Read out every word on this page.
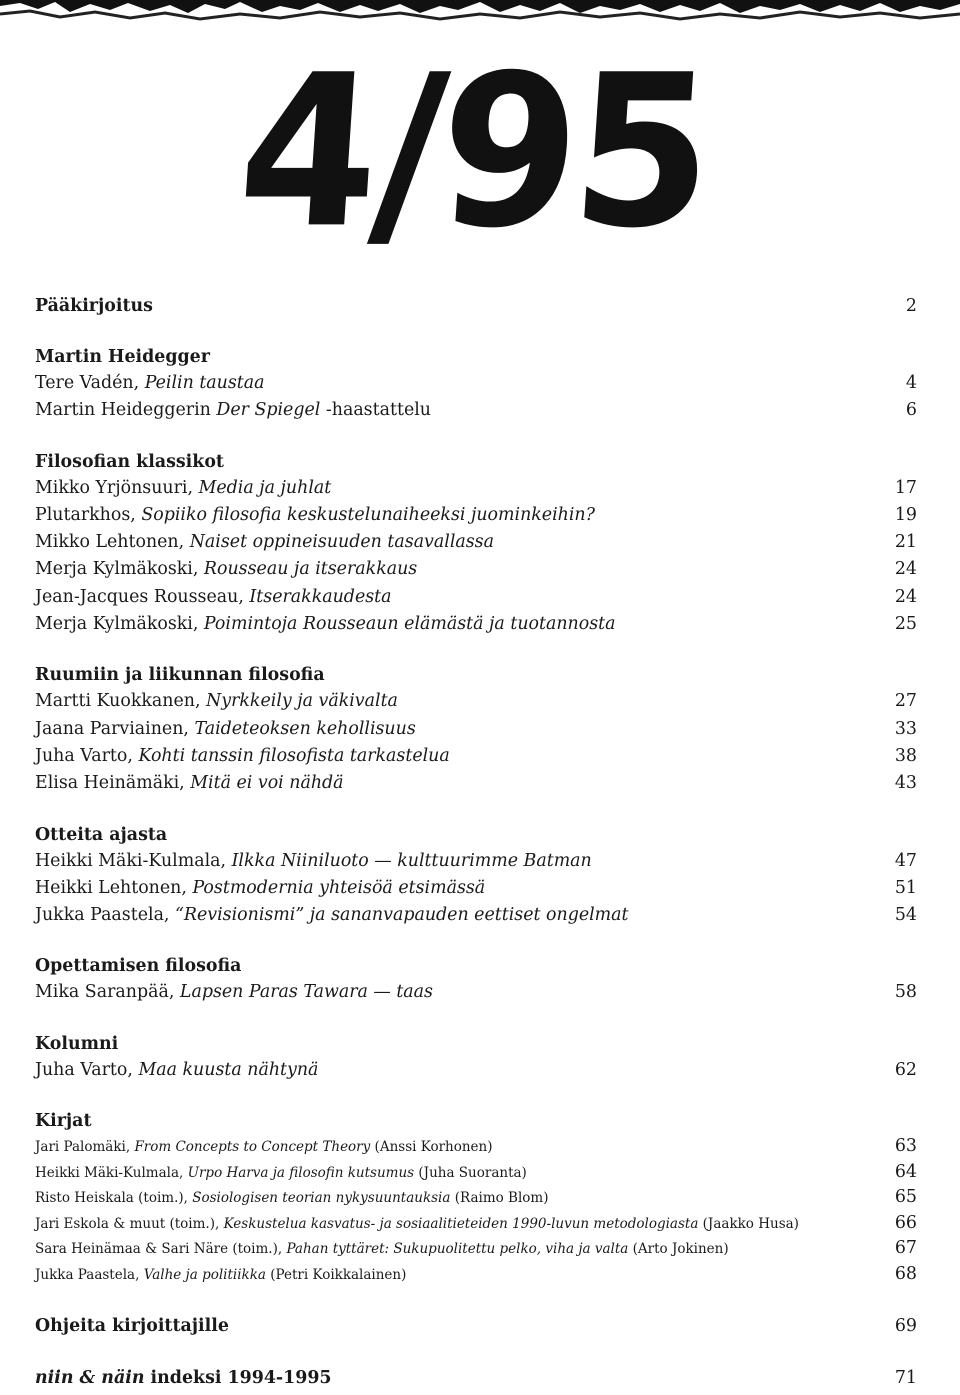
4/95
Pääkirjoitus	2
Martin Heidegger
Tere Vadén, Peilin taustaa	4
Martin Heideggerin Der Spiegel -haastattelu	6
Filosofian klassikot
Mikko Yrjönsuuri, Media ja juhlat	17
Plutarkhos, Sopiiko filosofia keskustelunaiheeksi juominkeihin?	19
Mikko Lehtonen, Naiset oppineisuuden tasavallassa	21
Merja Kylmäkoski, Rousseau ja itserakkaus	24
Jean-Jacques Rousseau, Itserakkaudesta	24
Merja Kylmäkoski, Poimintoja Rousseaun elämästä ja tuotannosta	25
Ruumiin ja liikunnan filosofia
Martti Kuokkanen, Nyrkkeily ja väkivalta	27
Jaana Parviainen, Taideteoksen kehollisuus	33
Juha Varto, Kohti tanssin filosofista tarkastelua	38
Elisa Heinämäki, Mitä ei voi nähdä	43
Otteita ajasta
Heikki Mäki-Kulmala, Ilkka Niiniluoto — kulttuurimme Batman	47
Heikki Lehtonen, Postmodernia yhteisöä etsimässä	51
Jukka Paastela, “Revisionismi” ja sananvapauden eettiset ongelmat	54
Opettamisen filosofia
Mika Saranpää, Lapsen Paras Tawara — taas	58
Kolumni
Juha Varto, Maa kuusta nähtynä	62
Kirjat
Jari Palomäki, From Concepts to Concept Theory (Anssi Korhonen)	63
Heikki Mäki-Kulmala, Urpo Harva ja filosofin kutsumus (Juha Suoranta)	64
Risto Heiskala (toim.), Sosiologisen teorian nykysuuntauksia (Raimo Blom)	65
Jari Eskola & muut (toim.), Keskustelua kasvatus- ja sosiaalitieteiden 1990-luvun metodologiasta (Jaakko Husa)	66
Sara Heinämaa & Sari Näre (toim.), Pahan tyttäret: Sukupuolitettu pelko, viha ja valta (Arto Jokinen)	67
Jukka Paastela, Valhe ja politiikka (Petri Koikkalainen)	68
Ohjeita kirjoittajille	69
niin & näin indeksi 1994-1995	71
